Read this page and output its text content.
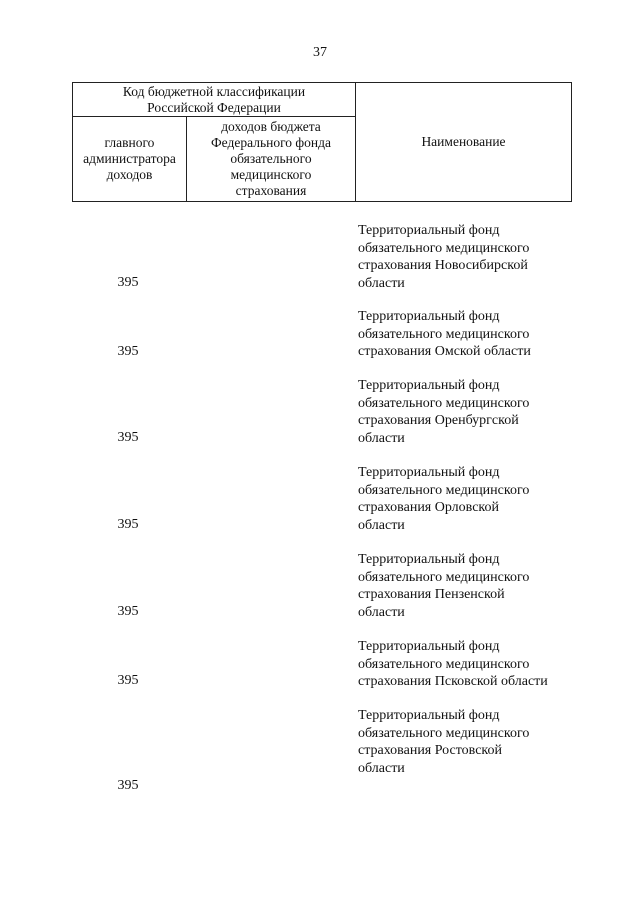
37
Код бюджетной классификации
Российской Федерации
главного
администратора
доходов
доходов бюджета
Федерального фонда
обязательного
медицинского
страхования
Наименование
Территориальный фонд
обязательного медицинского
страхования Новосибирской
области
395
Территориальный фонд
обязательного медицинского
страхования Омской области
395
Территориальный фонд
обязательного медицинского
страхования Оренбургской
области
395
Территориальный фонд
обязательного медицинского
страхования Орловской
области
395
Территориальный фонд
обязательного медицинского
страхования Пензенской
области
395
Территориальный фонд
обязательного медицинского
страхования Псковской области
395
Территориальный фонд
обязательного медицинского
страхования Ростовской
области
395
